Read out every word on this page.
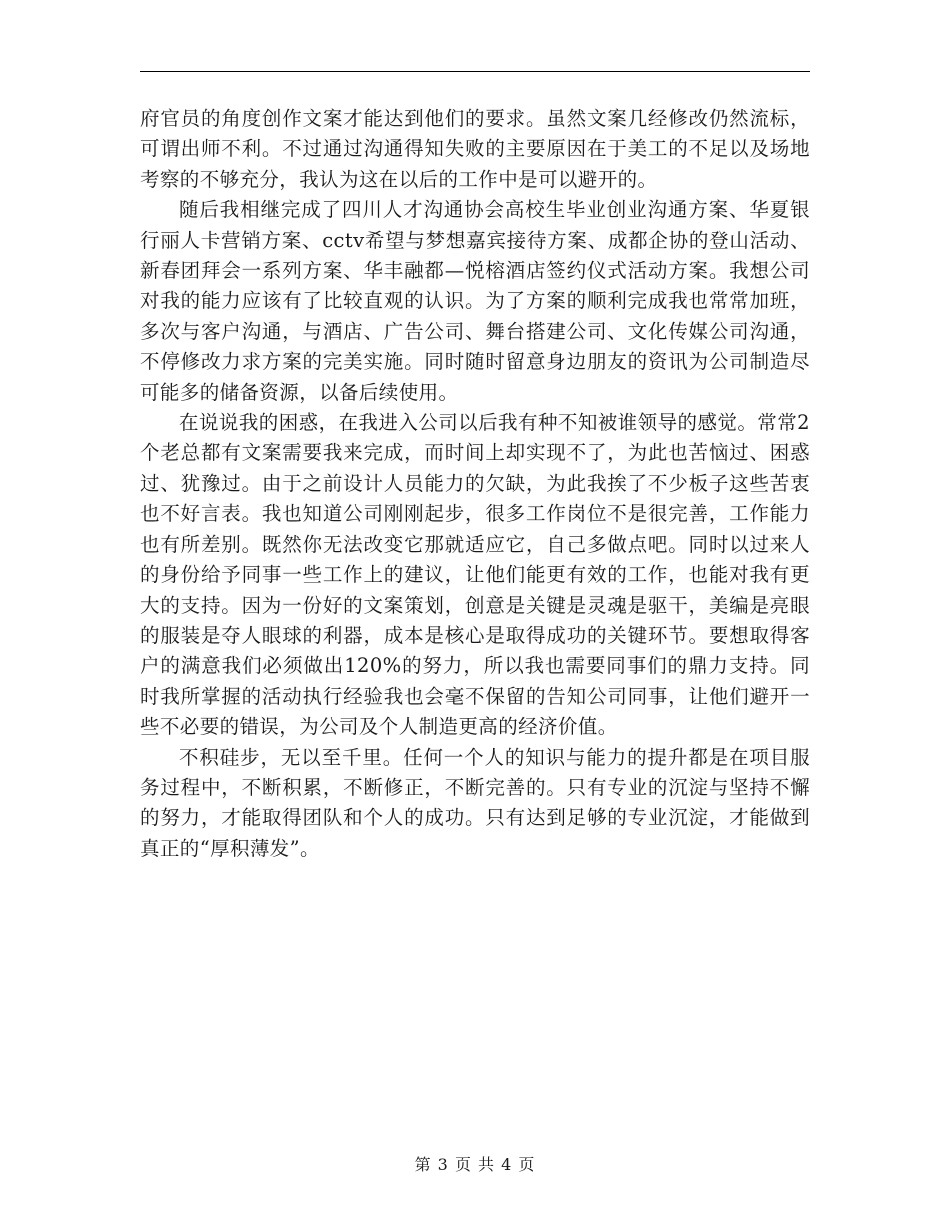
府官员的角度创作文案才能达到他们的要求。虽然文案几经修改仍然流标，可谓出师不利。不过通过沟通得知失败的主要原因在于美工的不足以及场地考察的不够充分，我认为这在以后的工作中是可以避开的。

随后我相继完成了四川人才沟通协会高校生毕业创业沟通方案、华夏银行丽人卡营销方案、cctv希望与梦想嘉宾接待方案、成都企协的登山活动、新春团拜会一系列方案、华丰融都—悦榕酒店签约仪式活动方案。我想公司对我的能力应该有了比较直观的认识。为了方案的顺利完成我也常常加班，多次与客户沟通，与酒店、广告公司、舞台搭建公司、文化传媒公司沟通，不停修改力求方案的完美实施。同时随时留意身边朋友的资讯为公司制造尽可能多的储备资源，以备后续使用。

在说说我的困惑，在我进入公司以后我有种不知被谁领导的感觉。常常2个老总都有文案需要我来完成，而时间上却实现不了，为此也苦恼过、困惑过、犹豫过。由于之前设计人员能力的欠缺，为此我挨了不少板子这些苦衷也不好言表。我也知道公司刚刚起步，很多工作岗位不是很完善，工作能力也有所差别。既然你无法改变它那就适应它，自己多做点吧。同时以过来人的身份给予同事一些工作上的建议，让他们能更有效的工作，也能对我有更大的支持。因为一份好的文案策划，创意是关键是灵魂是驱干，美编是亮眼的服装是夺人眼球的利器，成本是核心是取得成功的关键环节。要想取得客户的满意我们必须做出120%的努力，所以我也需要同事们的鼎力支持。同时我所掌握的活动执行经验我也会毫不保留的告知公司同事，让他们避开一些不必要的错误，为公司及个人制造更高的经济价值。

不积硅步，无以至千里。任何一个人的知识与能力的提升都是在项目服务过程中，不断积累，不断修正，不断完善的。只有专业的沉淀与坚持不懈的努力，才能取得团队和个人的成功。只有达到足够的专业沉淀，才能做到真正的“厚积薄发”。

第 3 页 共 4 页
